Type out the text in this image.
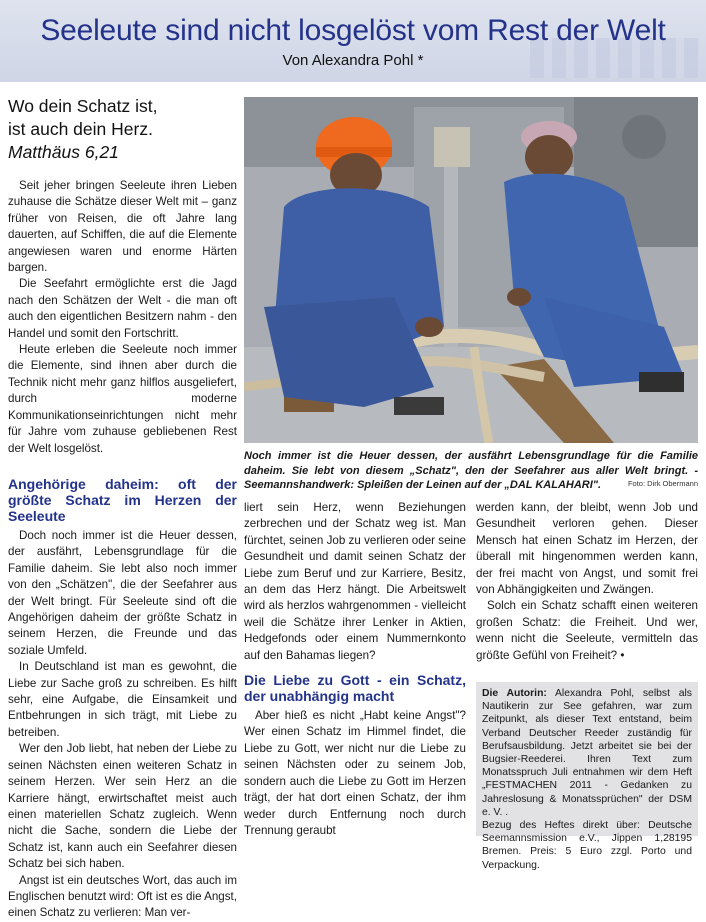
Seeleute sind nicht losgelöst vom Rest der Welt
Von Alexandra Pohl *
Wo dein Schatz ist,
ist auch dein Herz.
Matthäus 6,21

Seit jeher bringen Seeleute ihren Lieben zuhause die Schätze dieser Welt mit – ganz früher von Reisen, die oft Jahre lang dauerten, auf Schiffen, die auf die Elemente angewiesen waren und enorme Härten bargen.

Die Seefahrt ermöglichte erst die Jagd nach den Schätzen der Welt - die man oft auch den eigentlichen Besitzern nahm - den Handel und somit den Fortschritt.

Heute erleben die Seeleute noch immer die Elemente, sind ihnen aber durch die Technik nicht mehr ganz hilflos ausgeliefert, durch moderne Kommunikationseinrichtungen nicht mehr für Jahre vom zuhause gebliebenen Rest der Welt losgelöst.

Angehörige daheim: oft der größte Schatz im Herzen der Seeleute

Doch noch immer ist die Heuer dessen, der ausfährt, Lebensgrundlage für die Familie daheim. Sie lebt also noch immer von den „Schätzen", die der Seefahrer aus der Welt bringt. Für Seeleute sind oft die Angehörigen daheim der größte Schatz in seinem Herzen, die Freunde und das soziale Umfeld.

In Deutschland ist man es gewohnt, die Liebe zur Sache groß zu schreiben. Es hilft sehr, eine Aufgabe, die Einsamkeit und Entbehrungen in sich trägt, mit Liebe zu betreiben.

Wer den Job liebt, hat neben der Liebe zu seinen Nächsten einen weiteren Schatz in seinem Herzen. Wer sein Herz an die Karriere hängt, erwirtschaftet meist auch einen materiellen Schatz zugleich. Wenn nicht die Sache, sondern die Liebe der Schatz ist, kann auch ein Seefahrer diesen Schatz bei sich haben.

Angst ist ein deutsches Wort, das auch im Englischen benutzt wird: Oft ist es die Angst, einen Schatz zu verlieren: Man ver-

Noch immer ist die Heuer dessen, der ausfährt Lebensgrundlage für die Familie daheim. Sie lebt von diesem „Schatz", den der Seefahrer aus aller Welt bringt. - Seemannshandwerk: Spleißen der Leinen auf der „DAL KALAHARI".	Foto: Dirk Obermann

liert sein Herz, wenn Beziehungen zerbrechen und der Schatz weg ist. Man fürchtet, seinen Job zu verlieren oder seine Gesundheit und damit seinen Schatz der Liebe zum Beruf und zur Karriere, Besitz, an dem das Herz hängt. Die Arbeitswelt wird als herzlos wahrgenommen - vielleicht weil die Schätze ihrer Lenker in Aktien, Hedgefonds oder einem Nummernkonto auf den Bahamas liegen?

Die Liebe zu Gott - ein Schatz, der unabhängig macht

Aber hieß es nicht „Habt keine Angst"? Wer einen Schatz im Himmel findet, die Liebe zu Gott, wer nicht nur die Liebe zu seinen Nächsten oder zu seinem Job, sondern auch die Liebe zu Gott im Herzen trägt, der hat dort einen Schatz, der ihm weder durch Entfernung noch durch Trennung geraubt

werden kann, der bleibt, wenn Job und Gesundheit verloren gehen. Dieser Mensch hat einen Schatz im Herzen, der überall mit hingenommen werden kann, der frei macht von Angst, und somit frei von Abhängigkeiten und Zwängen.

Solch ein Schatz schafft einen weiteren großen Schatz: die Freiheit. Und wer, wenn nicht die Seeleute, vermitteln das größte Gefühl von Freiheit? •

Die Autorin: Alexandra Pohl, selbst als Nautikerin zur See gefahren, war zum Zeitpunkt, als dieser Text entstand, beim Verband Deutscher Reeder zuständig für Berufsausbildung. Jetzt arbeitet sie bei der Bugsier-Reederei. Ihren Text zum Monatsspruch Juli entnahmen wir dem Heft „FESTMACHEN 2011 - Gedanken zu Jahreslosung & Monatssprüchen" der DSM e. V. .
Bezug des Heftes direkt über: Deutsche Seemannsmission e.V., Jippen 1,28195 Bremen. Preis: 5 Euro zzgl. Porto und Verpackung.
